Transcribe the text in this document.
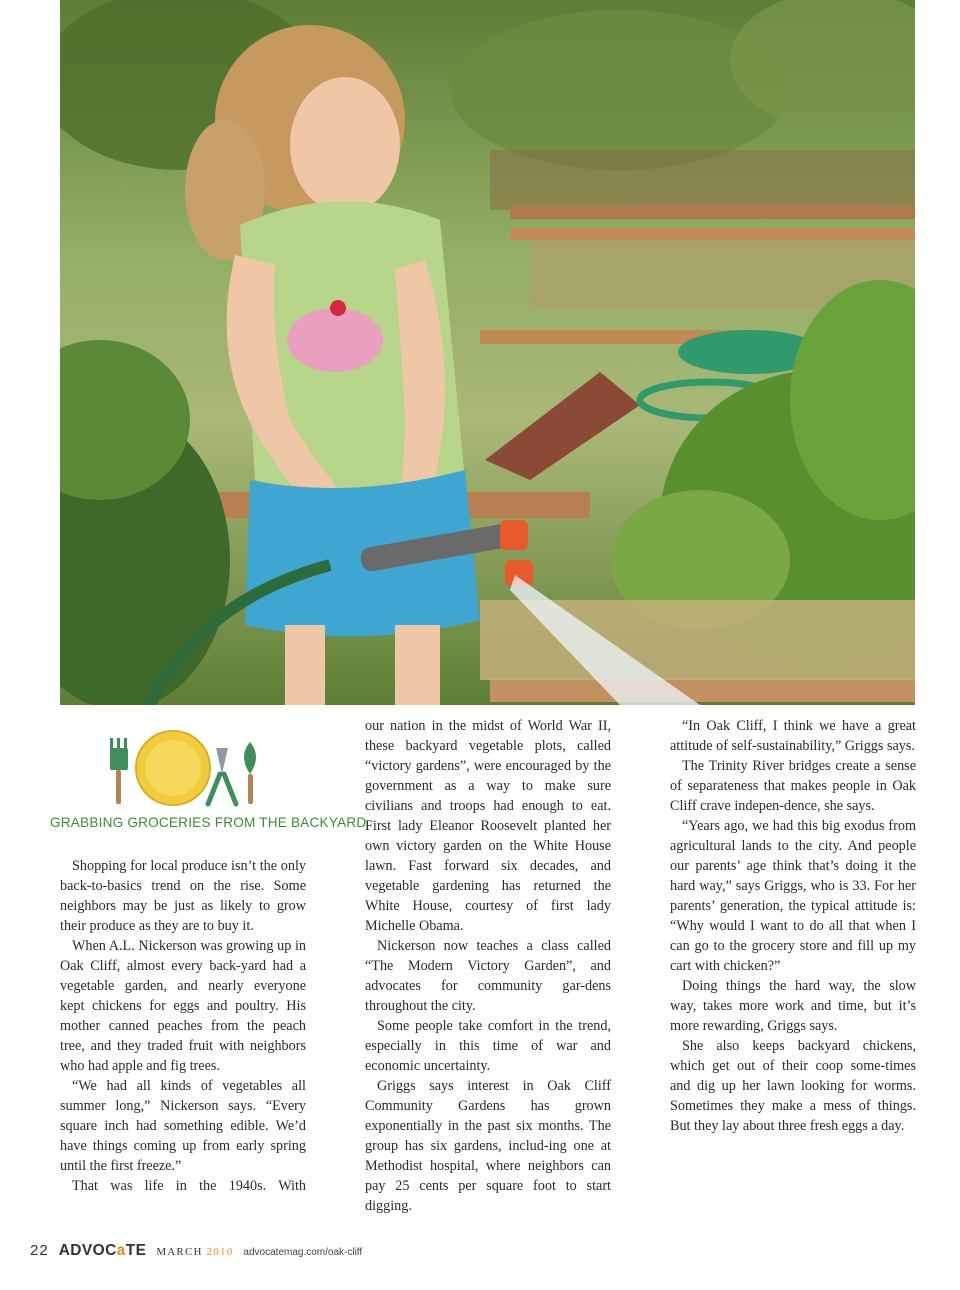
GRABBING GROCERIES FROM THE BACKYARD

Shopping for local produce isn’t the only back-to-basics trend on the rise. Some neighbors may be just as likely to grow their produce as they are to buy it.

When A.L. Nickerson was growing up in Oak Cliff, almost every back-yard had a vegetable garden, and nearly everyone kept chickens for eggs and poultry. His mother canned peaches from the peach tree, and they traded fruit with neighbors who had apple and fig trees.

“We had all kinds of vegetables all summer long,” Nickerson says. “Every square inch had something edible. We’d have things coming up from early spring until the first freeze.”

That was life in the 1940s. With

our nation in the midst of World War II, these backyard vegetable plots, called “victory gardens”, were encouraged by the government as a way to make sure civilians and troops had enough to eat. First lady Eleanor Roosevelt planted her own victory garden on the White House lawn. Fast forward six decades, and vegetable gardening has returned the White House, courtesy of first lady Michelle Obama.

Nickerson now teaches a class called “The Modern Victory Garden”, and advocates for community gar-dens throughout the city.

Some people take comfort in the trend, especially in this time of war and economic uncertainty.

Griggs says interest in Oak Cliff Community Gardens has grown exponentially in the past six months. The group has six gardens, includ-ing one at Methodist hospital, where neighbors can pay 25 cents per square foot to start digging.

“In Oak Cliff, I think we have a great attitude of self-sustainability,” Griggs says.

The Trinity River bridges create a sense of separateness that makes people in Oak Cliff crave indepen-dence, she says.

“Years ago, we had this big exodus from agricultural lands to the city. And people our parents’ age think that’s doing it the hard way,” says Griggs, who is 33. For her parents’ generation, the typical attitude is: “Why would I want to do all that when I can go to the grocery store and fill up my cart with chicken?”

Doing things the hard way, the slow way, takes more work and time, but it’s more rewarding, Griggs says.

She also keeps backyard chickens, which get out of their coop some-times and dig up her lawn looking for worms. Sometimes they make a mess of things. But they lay about three fresh eggs a day.

22 ADVOCaTE MARCH 2010 advocatemag.com/oak-cliff
